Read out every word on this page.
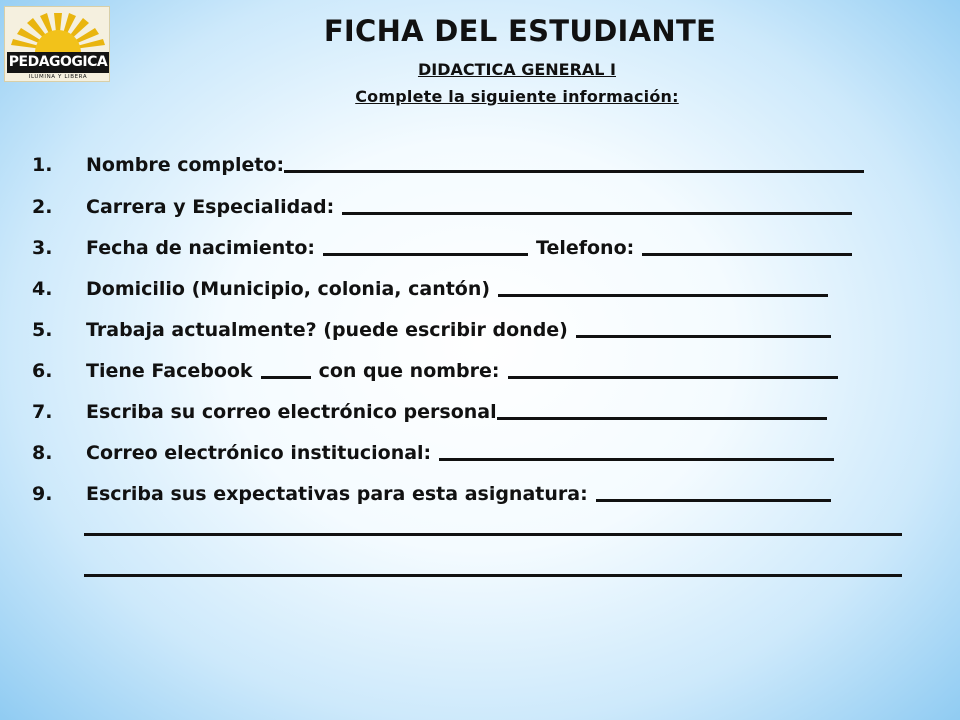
PEDAGOGICA
ILUMINA Y LIBERA
FICHA DEL ESTUDIANTE
DIDACTICA GENERAL I
Complete la siguiente información:
1.	Nombre completo:
2.	Carrera y Especialidad:
3.	Fecha de nacimiento:	Telefono:
4.	Domicilio (Municipio, colonia, cantón)
5.	Trabaja actualmente? (puede escribir donde)
6.	Tiene Facebook	con que nombre:
7.	Escriba su correo electrónico personal
8.	Correo electrónico institucional:
9.	Escriba sus expectativas para esta asignatura:
